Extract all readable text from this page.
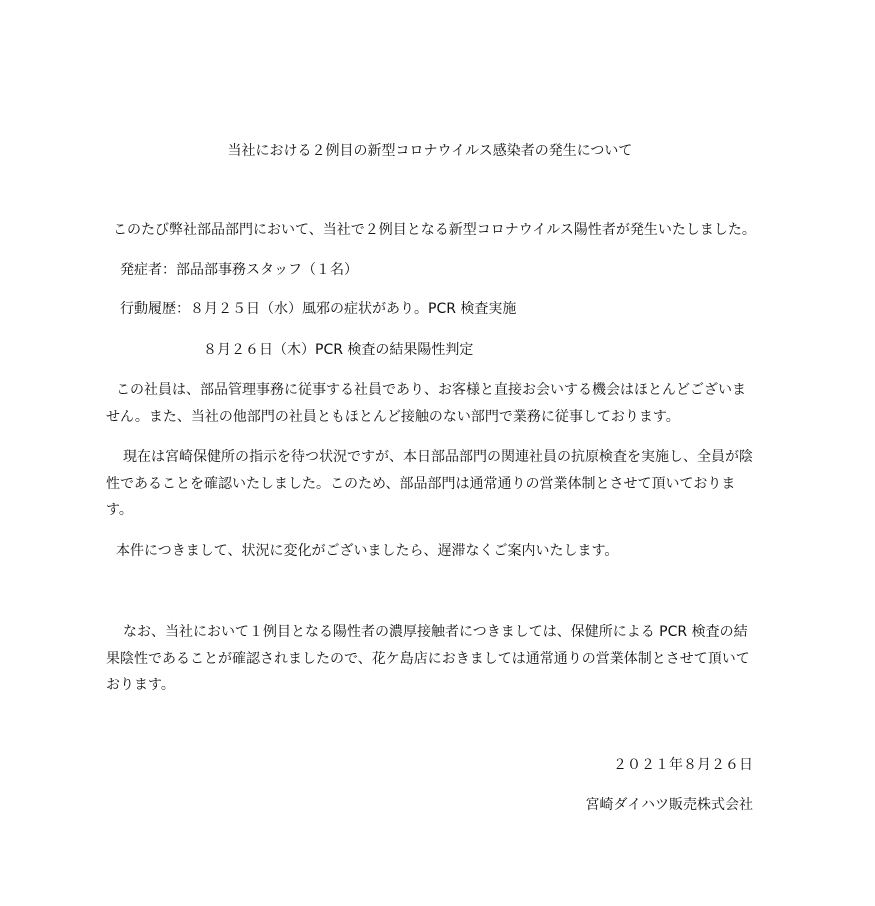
当社における２例目の新型コロナウイルス感染者の発生について
このたび弊社部品部門において、当社で２例目となる新型コロナウイルス陽性者が発生いたしました。
発症者：部品部事務スタッフ（１名）
行動履歴：８月２５日（水）風邪の症状があり。PCR 検査実施
８月２６日（木）PCR 検査の結果陽性判定
この社員は、部品管理事務に従事する社員であり、お客様と直接お会いする機会はほとんどございません。また、当社の他部門の社員ともほとんど接触のない部門で業務に従事しております。
現在は宮崎保健所の指示を待つ状況ですが、本日部品部門の関連社員の抗原検査を実施し、全員が陰性であることを確認いたしました。このため、部品部門は通常通りの営業体制とさせて頂いております。
本件につきまして、状況に変化がございましたら、遅滞なくご案内いたします。
なお、当社において１例目となる陽性者の濃厚接触者につきましては、保健所による PCR 検査の結果陰性であることが確認されましたので、花ケ島店におきましては通常通りの営業体制とさせて頂いております。
２０２１年８月２６日
宮崎ダイハツ販売株式会社
